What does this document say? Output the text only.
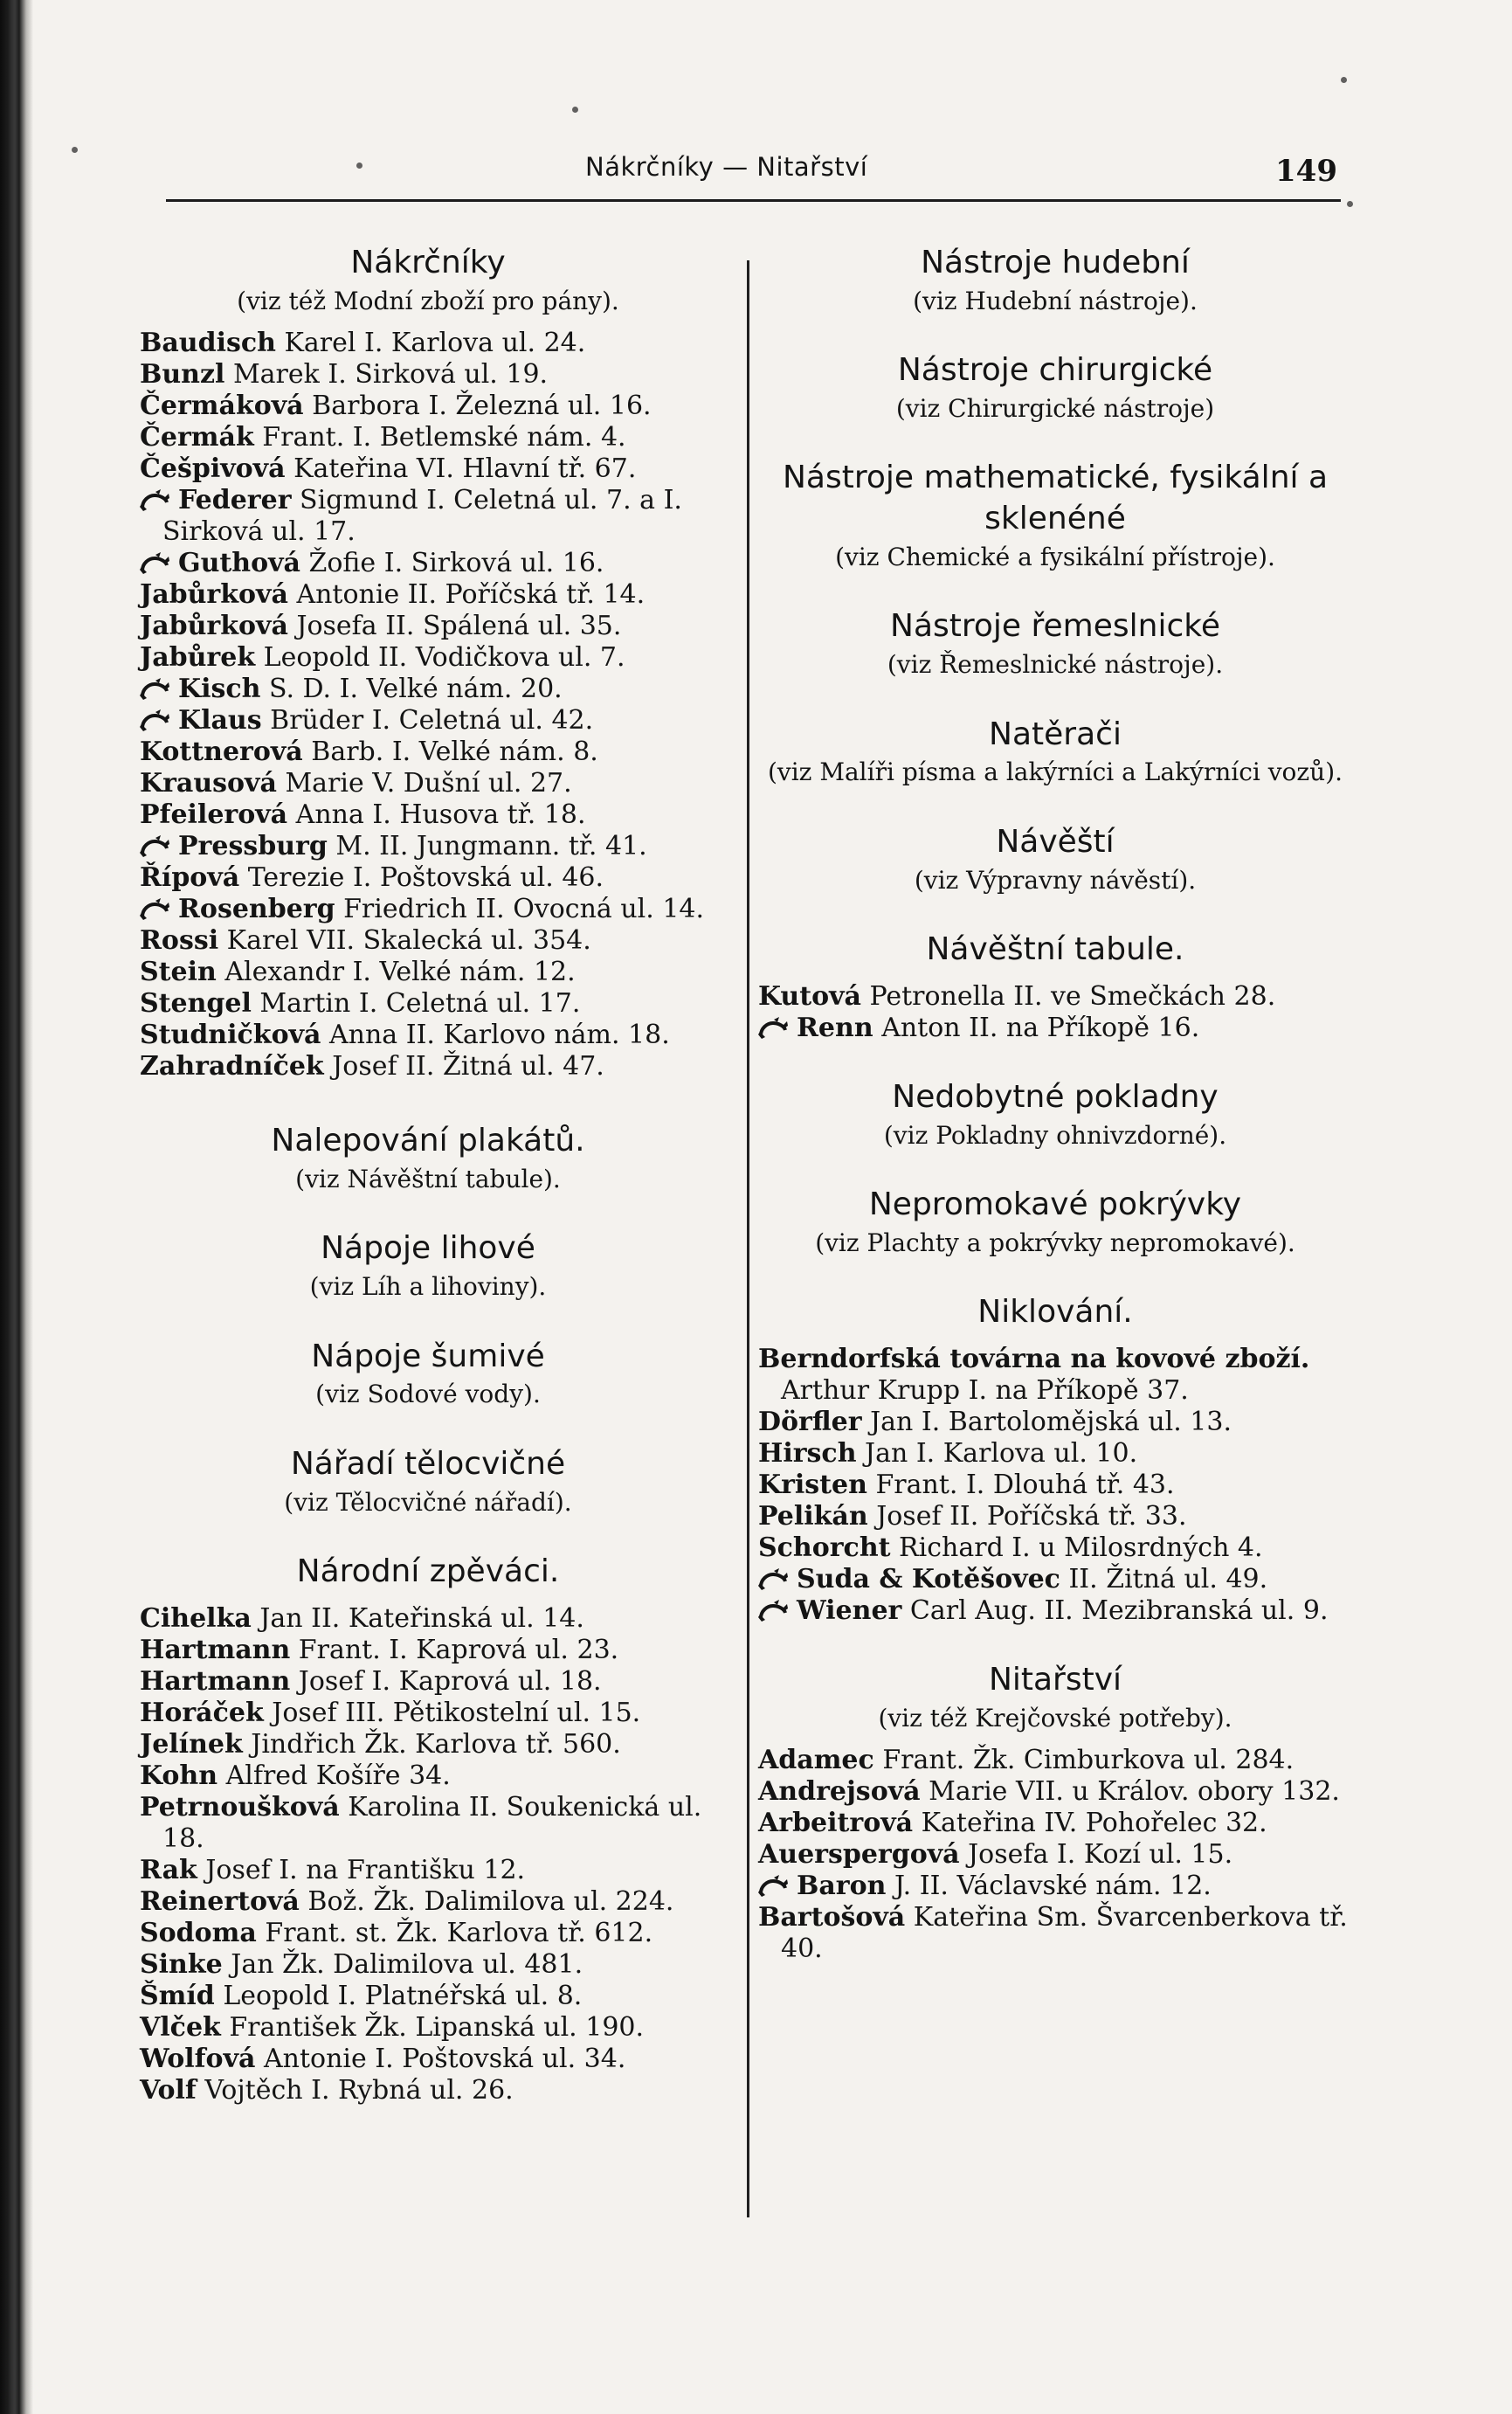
Nákrčníky — Nitařství	149
Nákrčníky
(viz též Modní zboží pro pány).
Baudisch Karel I. Karlova ul. 24.
Bunzl Marek I. Sirková ul. 19.
Čermáková Barbora I. Železná ul. 16.
Čermák Frant. I. Betlemské nám. 4.
Češpivová Kateřina VI. Hlavní tř. 67.
Federer Sigmund I. Celetná ul. 7. a I. Sirková ul. 17.
Guthová Žofie I. Sirková ul. 16.
Jabůrková Antonie II. Poříčská tř. 14.
Jabůrková Josefa II. Spálená ul. 35.
Jabůrek Leopold II. Vodičkova ul. 7.
Kisch S. D. I. Velké nám. 20.
Klaus Brüder I. Celetná ul. 42.
Kottnerová Barb. I. Velké nám. 8.
Krausová Marie V. Dušní ul. 27.
Pfeilerová Anna I. Husova tř. 18.
Pressburg M. II. Jungmann. tř. 41.
Řípová Terezie I. Poštovská ul. 46.
Rosenberg Friedrich II. Ovocná ul. 14.
Rossi Karel VII. Skalecká ul. 354.
Stein Alexandr I. Velké nám. 12.
Stengel Martin I. Celetná ul. 17.
Studničková Anna II. Karlovo nám. 18.
Zahradníček Josef II. Žitná ul. 47.
Nalepování plakátů.
(viz Návěštní tabule).
Nápoje lihové
(viz Líh a lihoviny).
Nápoje šumivé
(viz Sodové vody).
Nářadí tělocvičné
(viz Tělocvičné nářadí).
Národní zpěváci.
Cihelka Jan II. Kateřinská ul. 14.
Hartmann Frant. I. Kaprová ul. 23.
Hartmann Josef I. Kaprová ul. 18.
Horáček Josef III. Pětikostelní ul. 15.
Jelínek Jindřich Žk. Karlova tř. 560.
Kohn Alfred Košíře 34.
Petrnoušková Karolina II. Soukenická ul. 18.
Rak Josef I. na Františku 12.
Reinertová Bož. Žk. Dalimilova ul. 224.
Sodoma Frant. st. Žk. Karlova tř. 612.
Sinke Jan Žk. Dalimilova ul. 481.
Šmíd Leopold I. Platnéřská ul. 8.
Vlček František Žk. Lipanská ul. 190.
Wolfová Antonie I. Poštovská ul. 34.
Volf Vojtěch I. Rybná ul. 26.
Nástroje hudební
(viz Hudební nástroje).
Nástroje chirurgické
(viz Chirurgické nástroje)
Nástroje mathematické, fysikální a sklenéné
(viz Chemické a fysikální přístroje).
Nástroje řemeslnické
(viz Řemeslnické nástroje).
Natěrači
(viz Malíři písma a lakýrníci a Lakýrníci vozů).
Návěští
(viz Výpravny návěstí).
Návěštní tabule.
Kutová Petronella II. ve Smečkách 28.
Renn Anton II. na Příkopě 16.
Nedobytné pokladny
(viz Pokladny ohnivzdorné).
Nepromokavé pokrývky
(viz Plachty a pokrývky nepromokavé).
Niklování.
Berndorfská továrna na kovové zboží. Arthur Krupp I. na Příkopě 37.
Dörfler Jan I. Bartolomějská ul. 13.
Hirsch Jan I. Karlova ul. 10.
Kristen Frant. I. Dlouhá tř. 43.
Pelikán Josef II. Poříčská tř. 33.
Schorcht Richard I. u Milosrdných 4.
Suda & Kotěšovec II. Žitná ul. 49.
Wiener Carl Aug. II. Mezibranská ul. 9.
Nitařství
(viz též Krejčovské potřeby).
Adamec Frant. Žk. Cimburkova ul. 284.
Andrejsová Marie VII. u Králov. obory 132.
Arbeitrová Kateřina IV. Pohořelec 32.
Auerspergová Josefa I. Kozí ul. 15.
Baron J. II. Václavské nám. 12.
Bartošová Kateřina Sm. Švarcenberkova tř. 40.
